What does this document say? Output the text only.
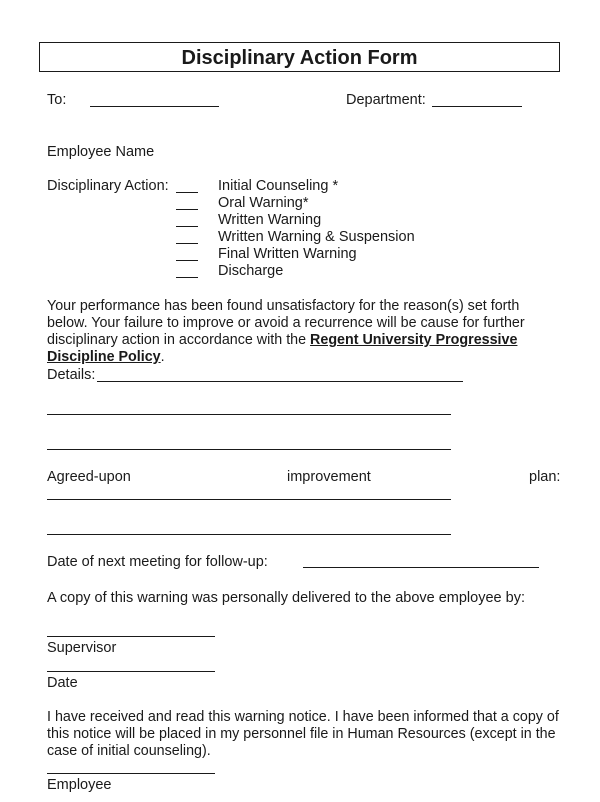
Disciplinary Action Form
To:	Department:
Employee Name
Disciplinary Action:	Initial Counseling *
Oral Warning*
Written Warning
Written Warning & Suspension
Final Written Warning
Discharge
Your performance has been found unsatisfactory for the reason(s) set forth below. Your failure to improve or avoid a recurrence will be cause for further disciplinary action in accordance with the Regent University Progressive Discipline Policy.
Details:
Agreed-upon	improvement	plan:
Date of next meeting for follow-up:
A copy of this warning was personally delivered to the above employee by:
Supervisor
Date
I have received and read this warning notice. I have been informed that a copy of this notice will be placed in my personnel file in Human Resources (except in the case of initial counseling).
Employee
